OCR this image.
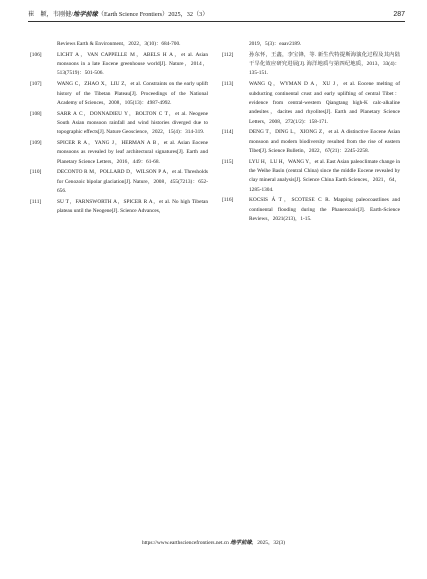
崔　颖，韦刚健/地学前缘（Earth Science Frontiers）2025，32（3）	287
Reviews Earth & Environment，2022，3(10)：684-700.
[106]	LICHT A，VAN CAPPELLE M，ABELS H A，et al. Asian monsoons in a late Eocene greenhouse world[J]. Nature，2014，513(7519)：501-506.
[107]	WANG C，ZHAO X，LIU Z，et al. Constraints on the early uplift history of the Tibetan Plateau[J]. Proceedings of the National Academy of Sciences，2008，105(13)：4987-4992.
[108]	SARR A C，DONNADIEU Y，BOLTON C T，et al. Neogene South Asian monsoon rainfall and wind histories diverged due to topographic effects[J]. Nature Geoscience，2022，15(4)：314-319.
[109]	SPICER R A，YANG J，HERMAN A B，et al. Asian Eocene monsoons as revealed by leaf architectural signatures[J]. Earth and Planetary Science Letters，2016，449：61-68.
[110]	DECONTO R M，POLLARD D，WILSON P A，et al. Thresholds for Cenozoic bipolar glaciation[J]. Nature，2008，455(7213)：652-656.
[111]	SU T，FARNSWORTH A，SPICER R A，et al. No high Tibetan plateau until the Neogene[J]. Science Advances，
2019，5(3)：eaav2189.
[112]	孙东怀，王鑫，李宝锋，等. 新生代特提斯海演化过程及其内陆干旱化效应研究进展[J]. 海洋地质与第四纪地质，2013，33(4)：135-151.
[113]	WANG Q，WYMAN D A，XU J，et al. Eocene melting of subducting continental crust and early uplifting of central Tibet：evidence from central-western Qiangtang high-K calc-alkaline andesites，dacites and rhyolites[J]. Earth and Planetary Science Letters，2008，272(1/2)：158-171.
[114]	DENG T，DING L，XIONG Z，et al. A distinctive Eocene Asian monsoon and modern biodiversity resulted from the rise of eastern Tibet[J]. Science Bulletin，2022，67(21)：2245-2258.
[115]	LYU H，LU H，WANG Y，et al. East Asian paleoclimate change in the Weihe Basin (central China) since the middle Eocene revealed by clay mineral analysis[J]. Science China Earth Sciences，2021，64，1285-1304.
[116]	KOCSIS Á T，SCOTESE C R. Mapping paleocoastlines and continental flooding during the Phanerozoic[J]. Earth-Science Reviews，2021(213)，1-15.
https://www.earthsciencefrontiers.net.cn 地学前缘，2025，32(3)
